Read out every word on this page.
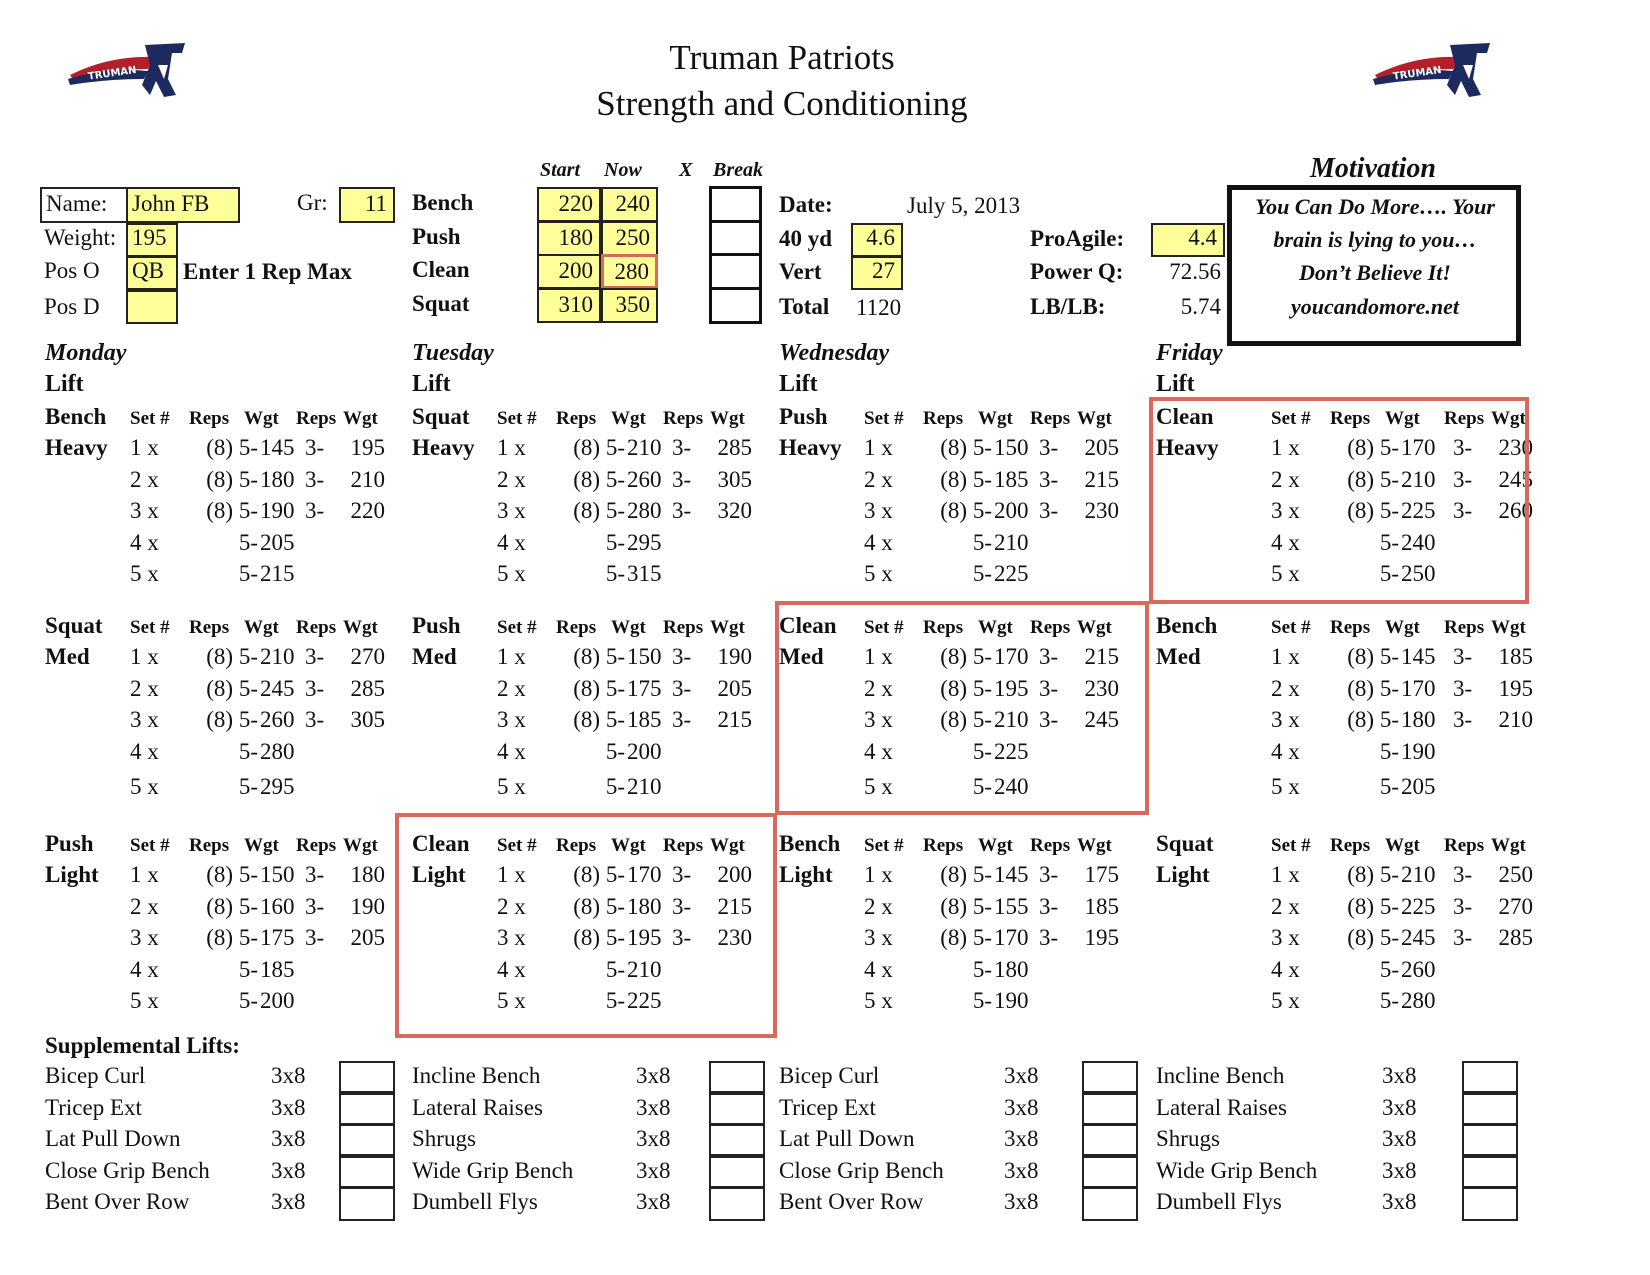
TRUMAN	TRUMAN
Truman Patriots
Strength and Conditioning
Name:	John FB	Gr:	11
Weight: 195
Pos O QB Enter 1 Rep Max
Pos D
Start Now X Break
Bench	220 240
Push	180 250
Clean	200 280
Squat	310 350
Date:	July 5, 2013
40 yd	4.6
Vert	27
Total 1120
ProAgile:	4.4
Power Q:	72.56
LB/LB:	5.74
Motivation
You Can Do More…. Your
brain is lying to you…
Don’t Believe It!
youcandomore.net
Monday
Lift
Tuesday
Lift
Wednesday
Lift
Friday
Lift
Bench
Heavy
Set # Reps Wgt Reps Wgt
1 x	(8) 5- 145 3- 195
2 x	(8) 5- 180 3- 210
3 x	(8) 5- 190 3- 220
4 x	5- 205
5 x	5- 215
Squat
Heavy
Set # Reps Wgt Reps Wgt
1 x	(8) 5- 210 3- 285
2 x	(8) 5- 260 3- 305
3 x	(8) 5- 280 3- 320
4 x	5- 295
5 x	5- 315
Push
Heavy
Set # Reps Wgt Reps Wgt
1 x	(8) 5- 150 3- 205
2 x	(8) 5- 185 3- 215
3 x	(8) 5- 200 3- 230
4 x	5- 210
5 x	5- 225
Clean
Heavy
Set # Reps Wgt Reps Wgt
1 x	(8) 5- 170 3- 230
2 x	(8) 5- 210 3- 245
3 x	(8) 5- 225 3- 260
4 x	5- 240
5 x	5- 250
Squat
Med
Set # Reps Wgt Reps Wgt
1 x	(8) 5- 210 3- 270
2 x	(8) 5- 245 3- 285
3 x	(8) 5- 260 3- 305
4 x	5- 280
5 x	5- 295
Push
Med
Set # Reps Wgt Reps Wgt
1 x	(8) 5- 150 3- 190
2 x	(8) 5- 175 3- 205
3 x	(8) 5- 185 3- 215
4 x	5- 200
5 x	5- 210
Clean
Med
Set # Reps Wgt Reps Wgt
1 x	(8) 5- 170 3- 215
2 x	(8) 5- 195 3- 230
3 x	(8) 5- 210 3- 245
4 x	5- 225
5 x	5- 240
Bench
Med
Set # Reps Wgt Reps Wgt
1 x	(8) 5- 145 3- 185
2 x	(8) 5- 170 3- 195
3 x	(8) 5- 180 3- 210
4 x	5- 190
5 x	5- 205
Push
Light
Set # Reps Wgt Reps Wgt
1 x	(8) 5- 150 3- 180
2 x	(8) 5- 160 3- 190
3 x	(8) 5- 175 3- 205
4 x	5- 185
5 x	5- 200
Clean
Light
Set # Reps Wgt Reps Wgt
1 x	(8) 5- 170 3- 200
2 x	(8) 5- 180 3- 215
3 x	(8) 5- 195 3- 230
4 x	5- 210
5 x	5- 225
Bench
Light
Set # Reps Wgt Reps Wgt
1 x	(8) 5- 145 3- 175
2 x	(8) 5- 155 3- 185
3 x	(8) 5- 170 3- 195
4 x	5- 180
5 x	5- 190
Squat
Light
Set # Reps Wgt Reps Wgt
1 x	(8) 5- 210 3- 250
2 x	(8) 5- 225 3- 270
3 x	(8) 5- 245 3- 285
4 x	5- 260
5 x	5- 280
Supplemental Lifts:
Bicep Curl	3x8
Tricep Ext	3x8
Lat Pull Down	3x8
Close Grip Bench	3x8
Bent Over Row	3x8
Incline Bench	3x8
Lateral Raises	3x8
Shrugs	3x8
Wide Grip Bench	3x8
Dumbell Flys	3x8
Bicep Curl	3x8
Tricep Ext	3x8
Lat Pull Down	3x8
Close Grip Bench	3x8
Bent Over Row	3x8
Incline Bench	3x8
Lateral Raises	3x8
Shrugs	3x8
Wide Grip Bench	3x8
Dumbell Flys	3x8
